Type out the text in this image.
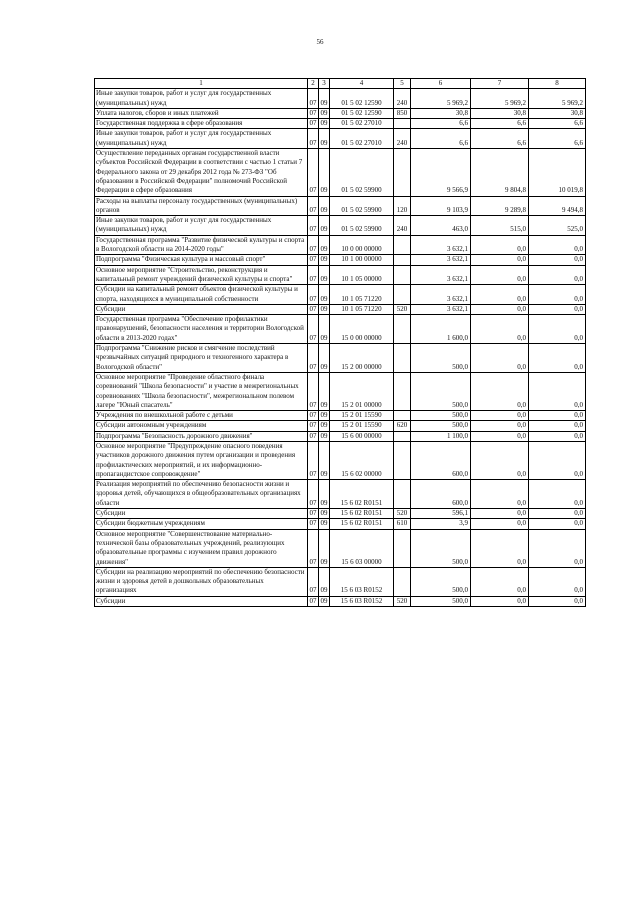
56
1	2	3	4	5	6	7	8
Иные закупки товаров, работ и услуг для государственных (муниципальных) нужд	07	09	01 5 02 12590	240	5 969,2	5 969,2	5 969,2
Уплата налогов, сборов и иных платежей	07	09	01 5 02 12590	850	30,8	30,8	30,8
Государственная поддержка в сфере образования	07	09	01 5 02 27010		6,6	6,6	6,6
Иные закупки товаров, работ и услуг для государственных (муниципальных) нужд	07	09	01 5 02 27010	240	6,6	6,6	6,6
Осуществление переданных органам государственной власти субъектов Российской Федерации в соответствии с частью 1 статьи 7 Федерального закона от 29 декабря 2012 года № 273-ФЗ "Об образовании в Российской Федерации" полномочий Российской Федерации в сфере образования	07	09	01 5 02 59900		9 566,9	9 804,8	10 019,8
Расходы на выплаты персоналу государственных (муниципальных) органов	07	09	01 5 02 59900	120	9 103,9	9 289,8	9 494,8
Иные закупки товаров, работ и услуг для государственных (муниципальных) нужд	07	09	01 5 02 59900	240	463,0	515,0	525,0
Государственная программа "Развитие физической культуры и спорта в Вологодской области на 2014-2020 годы"	07	09	10 0 00 00000		3 632,1	0,0	0,0
Подпрограмма "Физическая культура и массовый спорт"	07	09	10 1 00 00000		3 632,1	0,0	0,0
Основное мероприятие "Строительство, реконструкция и капитальный ремонт учреждений физической культуры и спорта"	07	09	10 1 05 00000		3 632,1	0,0	0,0
Субсидии на капитальный ремонт объектов физической культуры и спорта, находящихся в муниципальной собственности	07	09	10 1 05 71220		3 632,1	0,0	0,0
Субсидии	07	09	10 1 05 71220	520	3 632,1	0,0	0,0
Государственная программа "Обеспечение профилактики правонарушений, безопасности населения и территории Вологодской области в 2013-2020 годах"	07	09	15 0 00 00000		1 600,0	0,0	0,0
Подпрограмма "Снижение рисков и смягчение последствий чрезвычайных ситуаций природного и техногенного характера в Вологодской области"	07	09	15 2 00 00000		500,0	0,0	0,0
Основное мероприятие "Проведение областного финала соревнований "Школа безопасности" и участие в межрегиональных соревнованиях "Школа безопасности", межрегиональном полевом лагере "Юный спасатель"	07	09	15 2 01 00000		500,0	0,0	0,0
Учреждения по внешкольной работе с детьми	07	09	15 2 01 15590		500,0	0,0	0,0
Субсидии автономным учреждениям	07	09	15 2 01 15590	620	500,0	0,0	0,0
Подпрограмма "Безопасность дорожного движения"	07	09	15 6 00 00000		1 100,0	0,0	0,0
Основное мероприятие "Предупреждение опасного поведения участников дорожного движения путем организации и проведения профилактических мероприятий, и их информационно-пропагандистское сопровождение"	07	09	15 6 02 00000		600,0	0,0	0,0
Реализация мероприятий по обеспечению безопасности жизни и здоровья детей, обучающихся в общеобразовательных организациях области	07	09	15 6 02 R0151		600,0	0,0	0,0
Субсидии	07	09	15 6 02 R0151	520	596,1	0,0	0,0
Субсидии бюджетным учреждениям	07	09	15 6 02 R0151	610	3,9	0,0	0,0
Основное мероприятие "Совершенствование материально-технической базы образовательных учреждений, реализующих образовательные программы с изучением правил дорожного движения"	07	09	15 6 03 00000		500,0	0,0	0,0
Субсидии на реализацию мероприятий по обеспечению безопасности жизни и здоровья детей в дошкольных образовательных организациях	07	09	15 6 03 R0152		500,0	0,0	0,0
Субсидии	07	09	15 6 03 R0152	520	500,0	0,0	0,0
